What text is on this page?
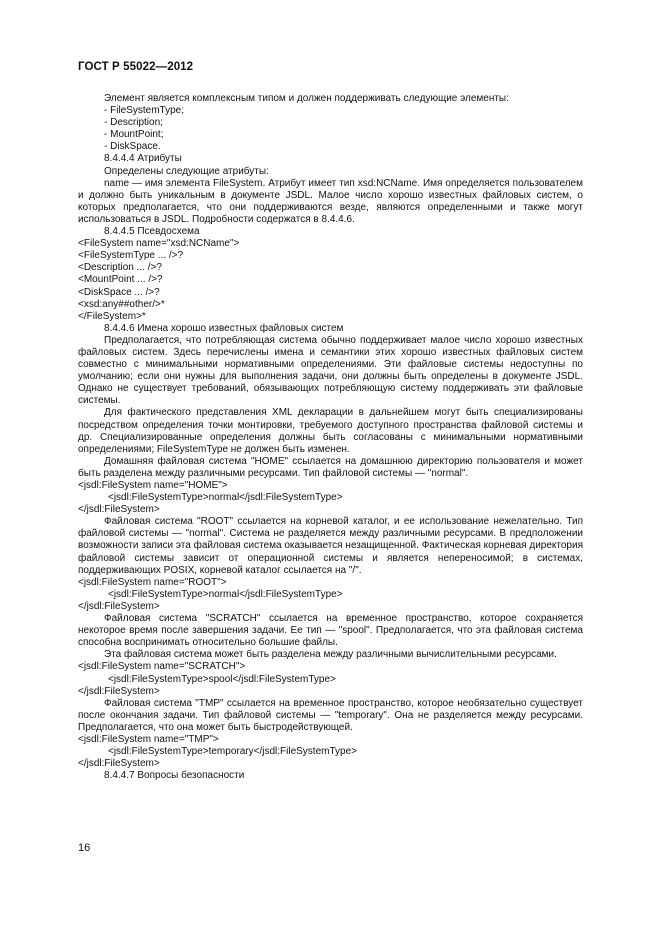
ГОСТ Р 55022—2012

Элемент является комплексным типом и должен поддерживать следующие элементы:

- FileSystemType;

- Description;

- MountPoint;

- DiskSpace.

8.4.4.4 Атрибуты

Определены следующие атрибуты:

name — имя элемента FileSystem. Атрибут имеет тип xsd:NCName. Имя определяется пользователем и должно быть уникальным в документе JSDL. Малое число хорошо известных файловых систем, о которых предполагается, что они поддерживаются везде, являются определенными и также могут использоваться в JSDL. Подробности содержатся в 8.4.4.6.

8.4.4.5 Псевдосхема

<FileSystem name="xsd:NCName">

<FileSystemType ... />?

<Description ... />?

<MountPoint ... />?

<DiskSpace ... />?

<xsd:any##other/>*

</FileSystem>*

8.4.4.6 Имена хорошо известных файловых систем

Предполагается, что потребляющая система обычно поддерживает малое число хорошо известных файловых систем. Здесь перечислены имена и семантики этих хорошо известных файловых систем совместно с минимальными нормативными определениями. Эти файловые системы недоступны по умолчанию; если они нужны для выполнения задачи, они должны быть определены в документе JSDL. Однако не существует требований, обязывающих потребляющую систему поддерживать эти файловые системы.

Для фактического представления XML декларации в дальнейшем могут быть специализированы посредством определения точки монтировки, требуемого доступного пространства файловой системы и др. Специализированные определения должны быть согласованы с минимальными нормативными определениями; FileSystemType не должен быть изменен.

Домашняя файловая система "HOME" ссылается на домашнюю директорию пользователя и может быть разделена между различными ресурсами. Тип файловой системы — "normal".

<jsdl:FileSystem name="HOME">

<jsdl:FileSystemType>normal</jsdl:FileSystemType>

</jsdl:FileSystem>

Файловая система "ROOT" ссылается на корневой каталог, и ее использование нежелательно. Тип файловой системы — "normal". Система не разделяется между различными ресурсами. В предположении возможности записи эта файловая система оказывается незащищенной. Фактическая корневая директория файловой системы зависит от операционной системы и является непереносимой; в системах, поддерживающих POSIX, корневой каталог ссылается на "/".

<jsdl:FileSystem name="ROOT">

<jsdl:FileSystemType>normal</jsdl:FileSystemType>

</jsdl:FileSystem>

Файловая система "SCRATCH" ссылается на временное пространство, которое сохраняется некоторое время после завершения задачи. Ее тип — "spool". Предполагается, что эта файловая система способна воспринимать относительно большие файлы.

Эта файловая система может быть разделена между различными вычислительными ресурсами.

<jsdl:FileSystem name="SCRATCH">

<jsdl:FileSystemType>spool</jsdl:FileSystemType>

</jsdl:FileSystem>

Файловая система "TMP" ссылается на временное пространство, которое необязательно существует после окончания задачи. Тип файловой системы — "temporary". Она не разделяется между ресурсами. Предполагается, что она может быть быстродействующей.

<jsdl:FileSystem name="TMP">

<jsdl:FileSystemType>temporary</jsdl:FileSystemType>

</jsdl:FileSystem>

8.4.4.7 Вопросы безопасности

16
